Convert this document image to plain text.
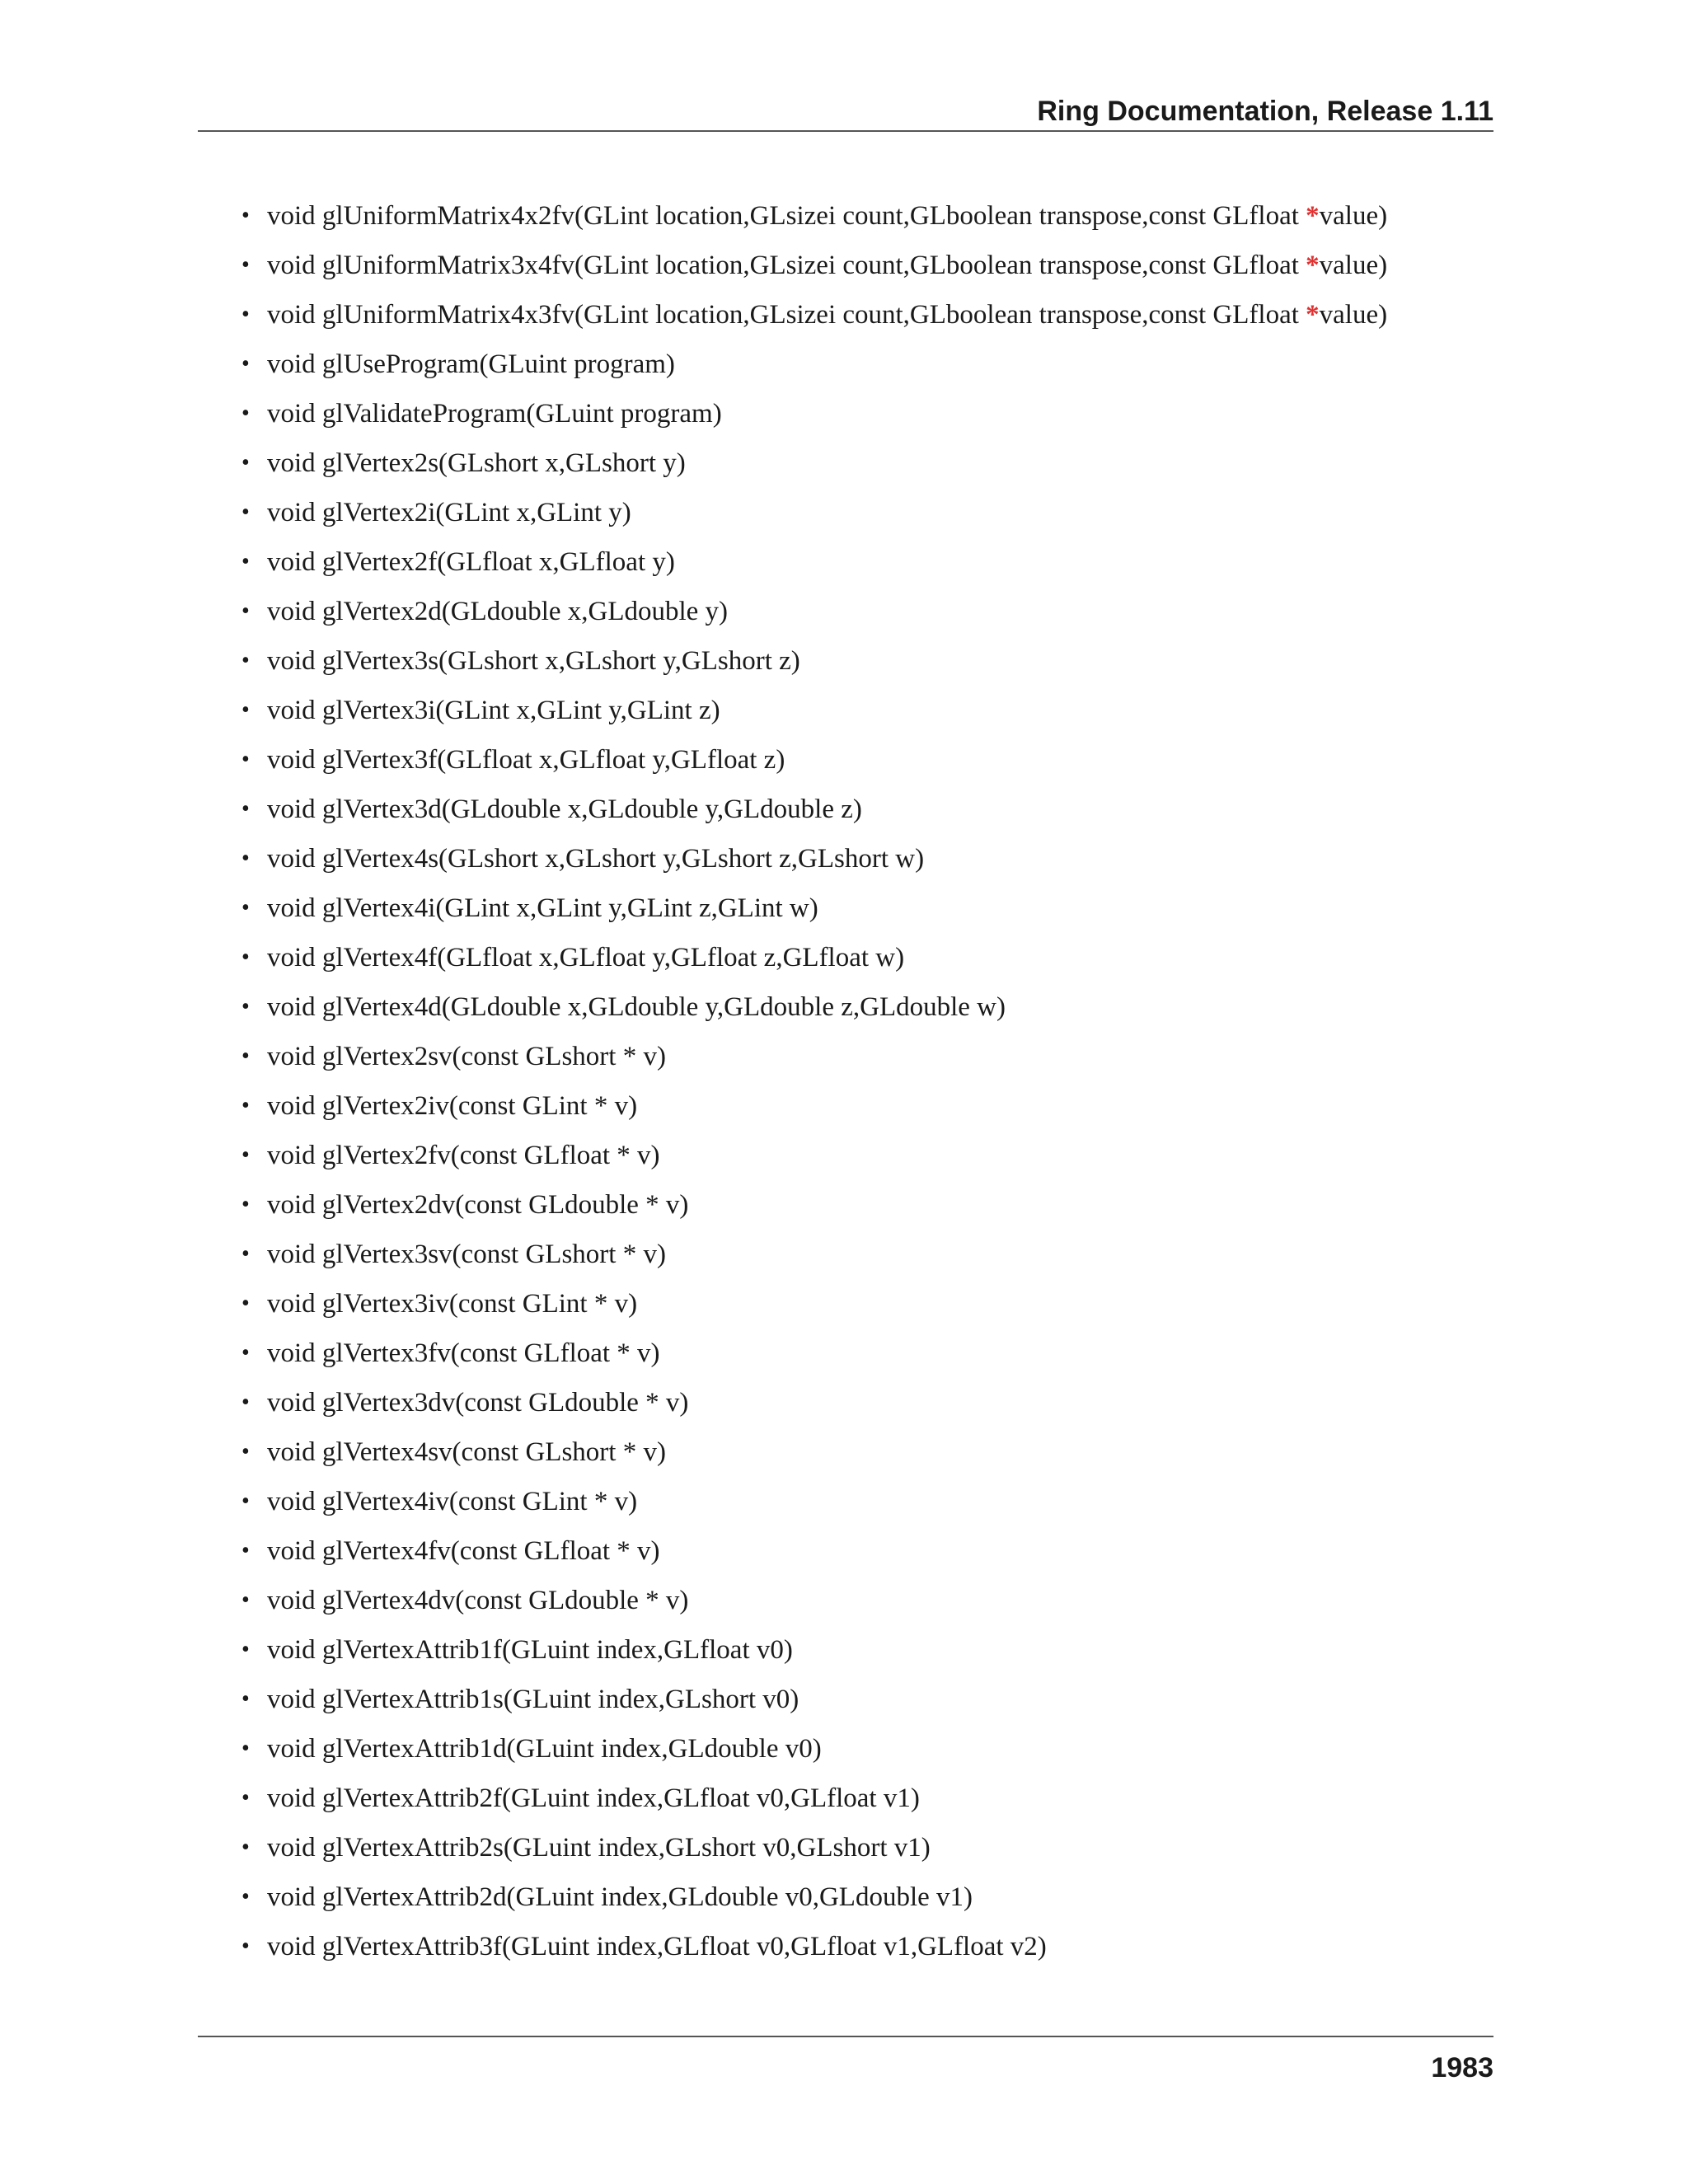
Ring Documentation, Release 1.11
• void glUniformMatrix4x2fv(GLint location,GLsizei count,GLboolean transpose,const GLfloat *value)
• void glUniformMatrix3x4fv(GLint location,GLsizei count,GLboolean transpose,const GLfloat *value)
• void glUniformMatrix4x3fv(GLint location,GLsizei count,GLboolean transpose,const GLfloat *value)
• void glUseProgram(GLuint program)
• void glValidateProgram(GLuint program)
• void glVertex2s(GLshort x,GLshort y)
• void glVertex2i(GLint x,GLint y)
• void glVertex2f(GLfloat x,GLfloat y)
• void glVertex2d(GLdouble x,GLdouble y)
• void glVertex3s(GLshort x,GLshort y,GLshort z)
• void glVertex3i(GLint x,GLint y,GLint z)
• void glVertex3f(GLfloat x,GLfloat y,GLfloat z)
• void glVertex3d(GLdouble x,GLdouble y,GLdouble z)
• void glVertex4s(GLshort x,GLshort y,GLshort z,GLshort w)
• void glVertex4i(GLint x,GLint y,GLint z,GLint w)
• void glVertex4f(GLfloat x,GLfloat y,GLfloat z,GLfloat w)
• void glVertex4d(GLdouble x,GLdouble y,GLdouble z,GLdouble w)
• void glVertex2sv(const GLshort * v)
• void glVertex2iv(const GLint * v)
• void glVertex2fv(const GLfloat * v)
• void glVertex2dv(const GLdouble * v)
• void glVertex3sv(const GLshort * v)
• void glVertex3iv(const GLint * v)
• void glVertex3fv(const GLfloat * v)
• void glVertex3dv(const GLdouble * v)
• void glVertex4sv(const GLshort * v)
• void glVertex4iv(const GLint * v)
• void glVertex4fv(const GLfloat * v)
• void glVertex4dv(const GLdouble * v)
• void glVertexAttrib1f(GLuint index,GLfloat v0)
• void glVertexAttrib1s(GLuint index,GLshort v0)
• void glVertexAttrib1d(GLuint index,GLdouble v0)
• void glVertexAttrib2f(GLuint index,GLfloat v0,GLfloat v1)
• void glVertexAttrib2s(GLuint index,GLshort v0,GLshort v1)
• void glVertexAttrib2d(GLuint index,GLdouble v0,GLdouble v1)
• void glVertexAttrib3f(GLuint index,GLfloat v0,GLfloat v1,GLfloat v2)
1983
